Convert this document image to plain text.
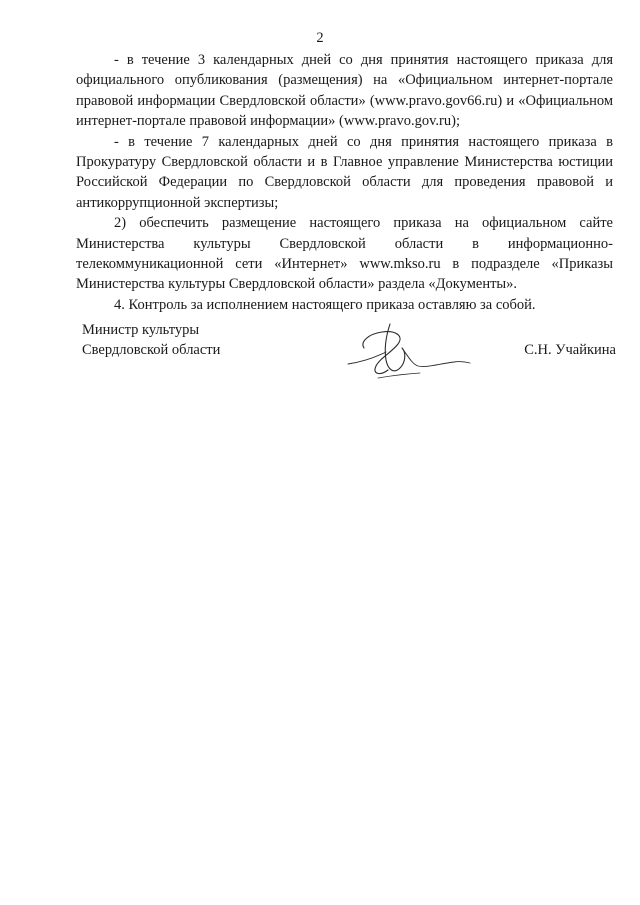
2

- в течение 3 календарных дней со дня принятия настоящего приказа для официального опубликования (размещения) на «Официальном интернет-портале правовой информации Свердловской области» (www.pravo.gov66.ru) и «Официальном интернет-портале правовой информации» (www.pravo.gov.ru);

- в течение 7 календарных дней со дня принятия настоящего приказа в Прокуратуру Свердловской области и в Главное управление Министерства юстиции Российской Федерации по Свердловской области для проведения правовой и антикоррупционной экспертизы;

2) обеспечить размещение настоящего приказа на официальном сайте Министерства культуры Свердловской области в информационно-телекоммуникационной сети «Интернет» www.mkso.ru в подразделе «Приказы Министерства культуры Свердловской области» раздела «Документы».

4. Контроль за исполнением настоящего приказа оставляю за собой.

Министр культуры
Свердловской области	С.Н. Учайкина
